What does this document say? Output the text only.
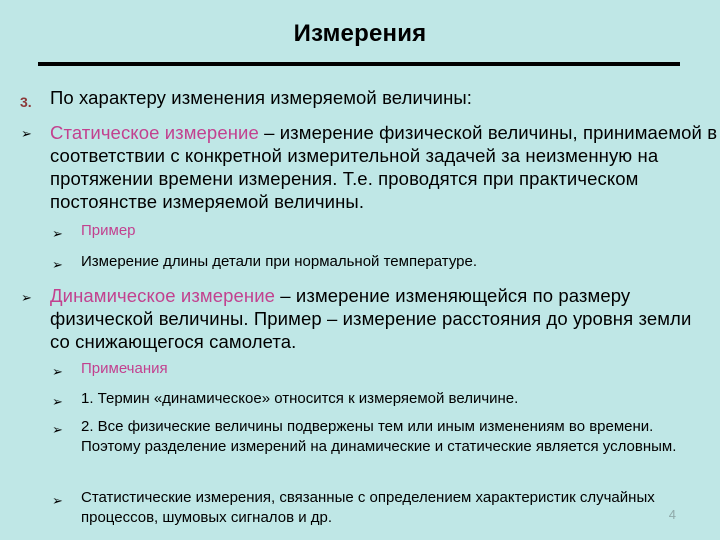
Измерения
3. По характеру изменения измеряемой величины:
➢ Статическое измерение – измерение физической величины, принимаемой в соответствии с конкретной измерительной задачей за неизменную на протяжении времени измерения. Т.е. проводятся при практическом постоянстве измеряемой величины.
➢ Пример
➢ Измерение длины детали при нормальной температуре.
➢ Динамическое измерение – измерение изменяющейся по размеру физической величины. Пример – измерение расстояния до уровня земли со снижающегося самолета.
➢ Примечания
➢ 1. Термин «динамическое» относится к измеряемой величине.
➢ 2. Все физические величины подвержены тем или иным изменениям во времени. Поэтому разделение измерений на динамические и статические является условным.
➢ Статистические измерения, связанные с определением характеристик случайных процессов, шумовых сигналов и др.	4
